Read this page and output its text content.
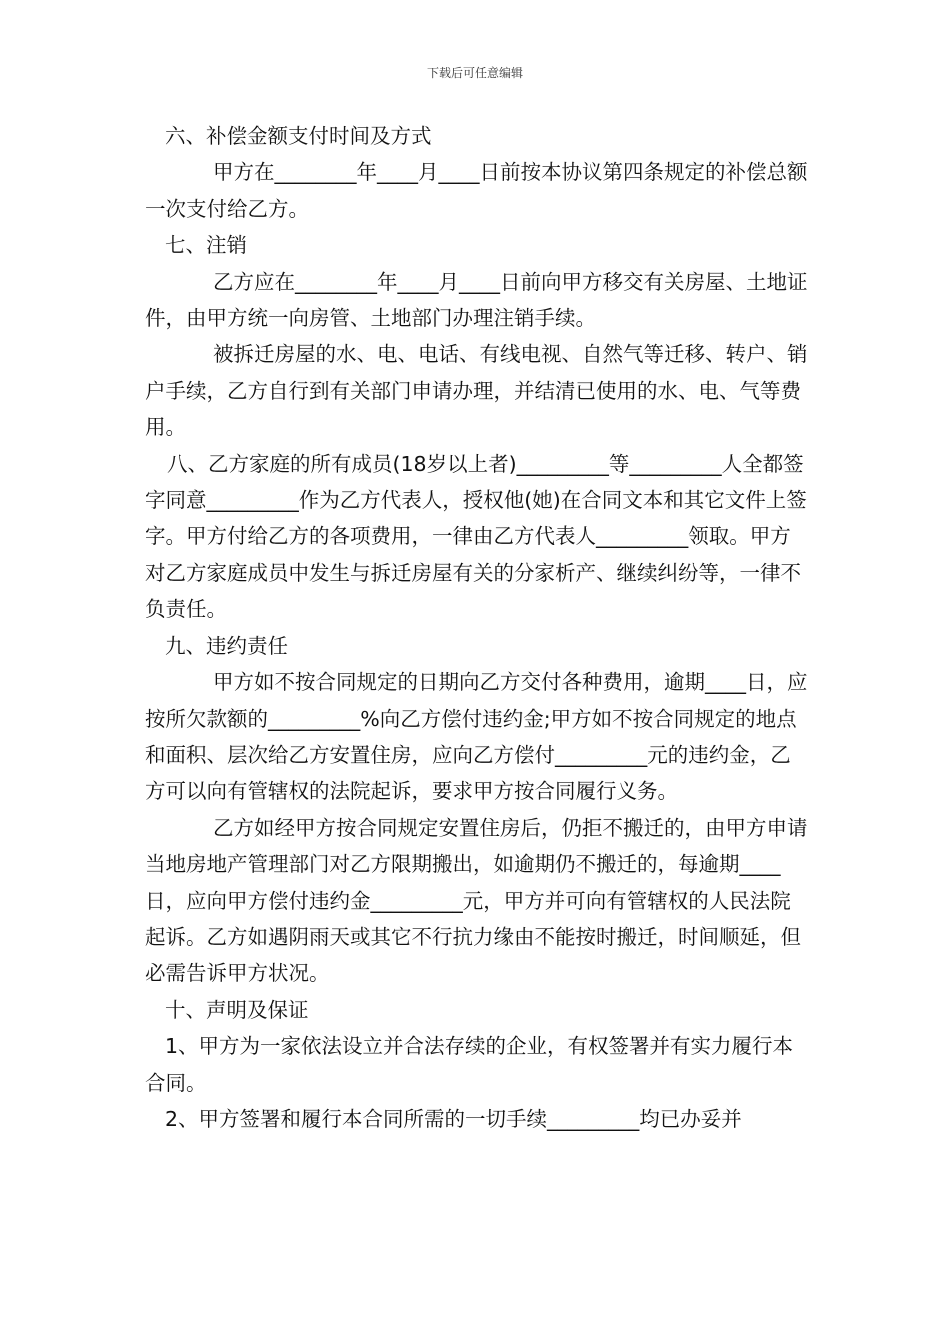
下载后可任意编辑

六、补偿金额支付时间及方式

甲方在________年____月____日前按本协议第四条规定的补偿总额一次支付给乙方。

七、注销

乙方应在________年____月____日前向甲方移交有关房屋、土地证件，由甲方统一向房管、土地部门办理注销手续。

被拆迁房屋的水、电、电话、有线电视、自然气等迁移、转户、销户手续，乙方自行到有关部门申请办理，并结清已使用的水、电、气等费用。

八、乙方家庭的所有成员(18岁以上者)_________等_________人全都签字同意_________作为乙方代表人，授权他(她)在合同文本和其它文件上签字。甲方付给乙方的各项费用，一律由乙方代表人_________领取。甲方对乙方家庭成员中发生与拆迁房屋有关的分家析产、继续纠纷等，一律不负责任。

九、违约责任

甲方如不按合同规定的日期向乙方交付各种费用，逾期____日，应按所欠款额的_________%向乙方偿付违约金;甲方如不按合同规定的地点和面积、层次给乙方安置住房，应向乙方偿付_________元的违约金，乙方可以向有管辖权的法院起诉，要求甲方按合同履行义务。

乙方如经甲方按合同规定安置住房后，仍拒不搬迁的，由甲方申请当地房地产管理部门对乙方限期搬出，如逾期仍不搬迁的，每逾期____日，应向甲方偿付违约金_________元，甲方并可向有管辖权的人民法院起诉。乙方如遇阴雨天或其它不行抗力缘由不能按时搬迁，时间顺延，但必需告诉甲方状况。

十、声明及保证

1、甲方为一家依法设立并合法存续的企业，有权签署并有实力履行本合同。

2、甲方签署和履行本合同所需的一切手续_________均已办妥并
